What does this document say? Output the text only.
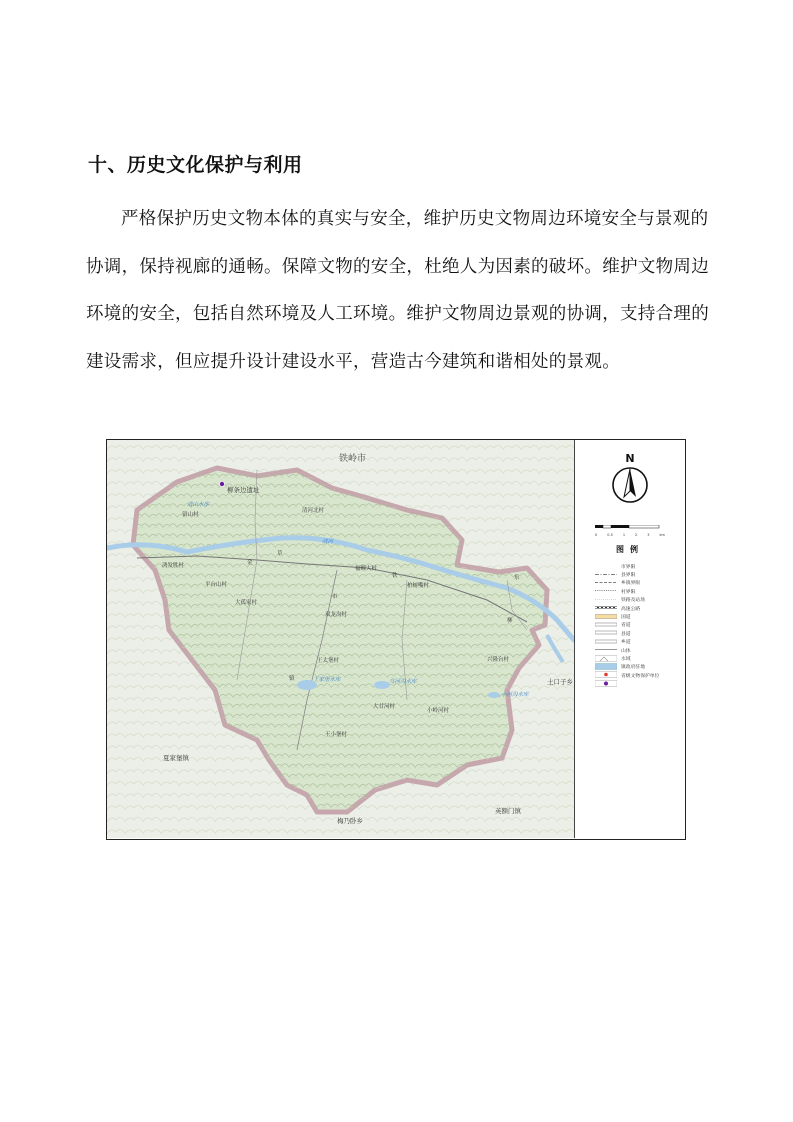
十、历史文化保护与利用
严格保护历史文物本体的真实与安全，维护历史文物周边环境安全与景观的协调，保持视廊的通畅。保障文物的安全，杜绝人为因素的破坏。维护文物周边环境的安全，包括自然环境及人工环境。维护文物周边景观的协调，支持合理的建设需求，但应提升设计建设水平，营造古今建筑和谐相处的景观。
铁岭市
柳条边遗址
清山水库
留山村
清河北村
鸿发胜村
平台山村
大孤家村
双龙沟村
福疃大村
柏树嘴村
王太堡村
王家堡水库	乌河沟水库
小河沟水库
清河
大甘河村
小岭河村
王小堡村
兴隆台村
夏家堡镇
梅乃卧乡
英额门镇
土口子乡
草
市
镇
金
铁
柳
东
N
0	0.5	1	2	3	km
图例
市界限
县界限
乡镇界限
村界限
铁路及站场
高速公路
国道
省道
县道
乡道
山体
水域
镇政府驻地
省级文物保护单位
